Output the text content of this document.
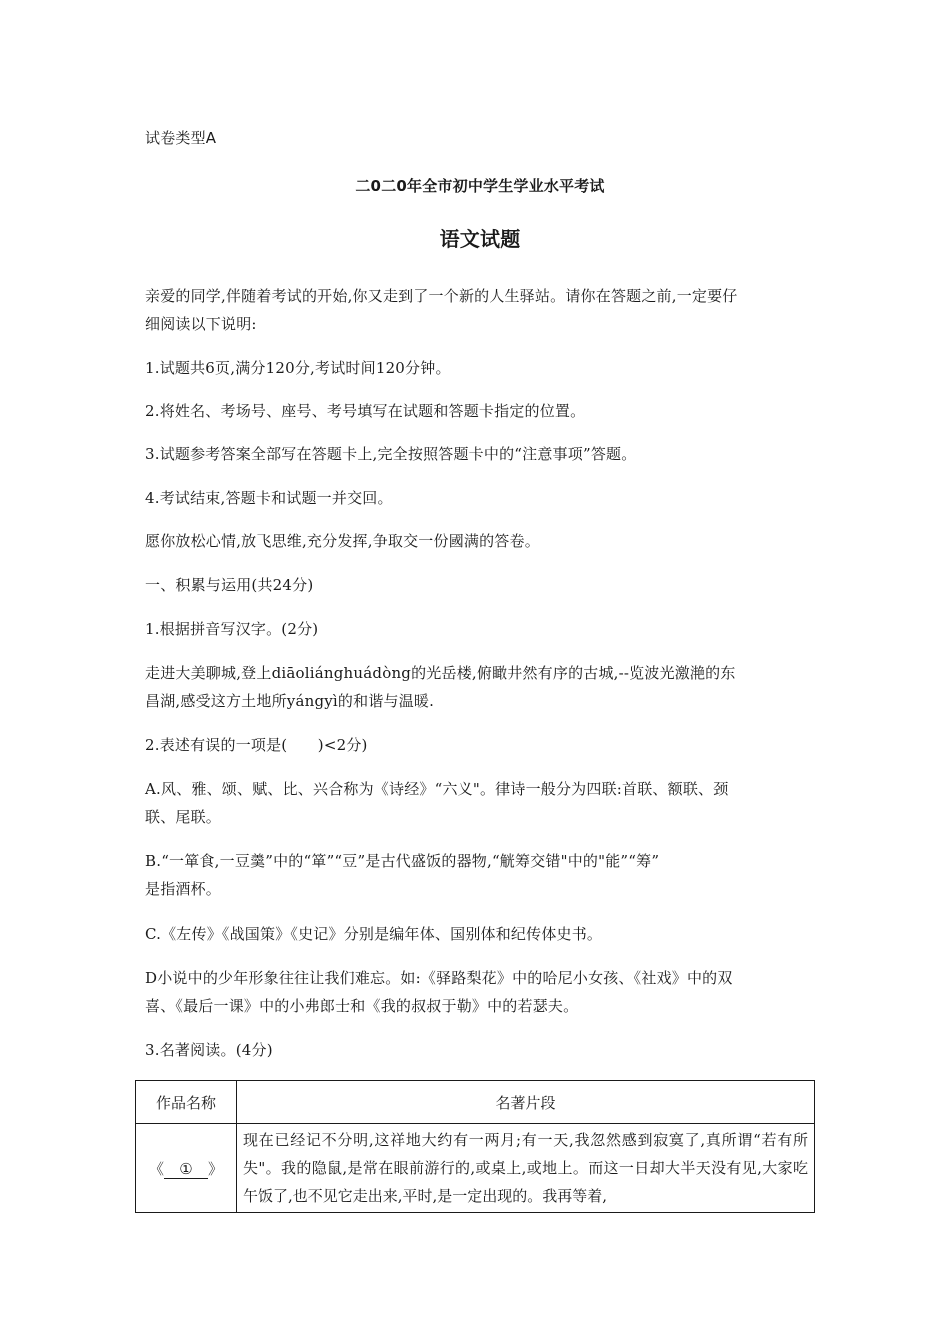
试卷类型A
二0二0年全市初中学生学业水平考试
语文试题
亲爱的同学,伴随着考试的开始,你又走到了一个新的人生驿站。请你在答题之前,一定要仔
细阅读以下说明:
1.试题共6页,满分120分,考试时间120分钟。
2.将姓名、考场号、座号、考号填写在试题和答题卡指定的位置。
3.试题参考答案全部写在答题卡上,完全按照答题卡中的“注意事项”答题。
4.考试结束,答题卡和试题一并交回。
愿你放松心情,放飞思维,充分发挥,争取交一份國满的答卷。
一、积累与运用(共24分)
1.根据拼音写汉字。(2分)
走进大美聊城,登上diāoliánghuádòng的光岳楼,俯瞰井然有序的古城,--览波光激滟的东
昌湖,感受这方土地所yángyì的和谐与温暖.
2.表述有误的一项是(　　)<2分)
A.风、雅、颂、赋、比、兴合称为《诗经》“六义"。律诗一般分为四联:首联、额联、颈
联、尾联。
B.“一箪食,一豆羹”中的“箪”“豆”是古代盛饭的器物,“觥筹交错"中的"能”“筹”
是指酒杯。
C.《左传》《战国策》《史记》分别是编年体、国别体和纪传体史书。
D小说中的少年形象往往让我们难忘。如:《驿路梨花》中的哈尼小女孩、《社戏》中的双
喜、《最后一课》中的小弗郎士和《我的叔叔于勒》中的若瑟夫。
3.名著阅读。(4分)
作品名称	名著片段
《 ① 》	现在已经记不分明,这祥地大约有一两月;有一天,我忽然感到寂寞了,真所谓“若有所失"。我的隐鼠,是常在眼前游行的,或桌上,或地上。而这一日却大半天没有见,大家吃午饭了,也不见它走出来,平时,是一定出现的。我再等着,
